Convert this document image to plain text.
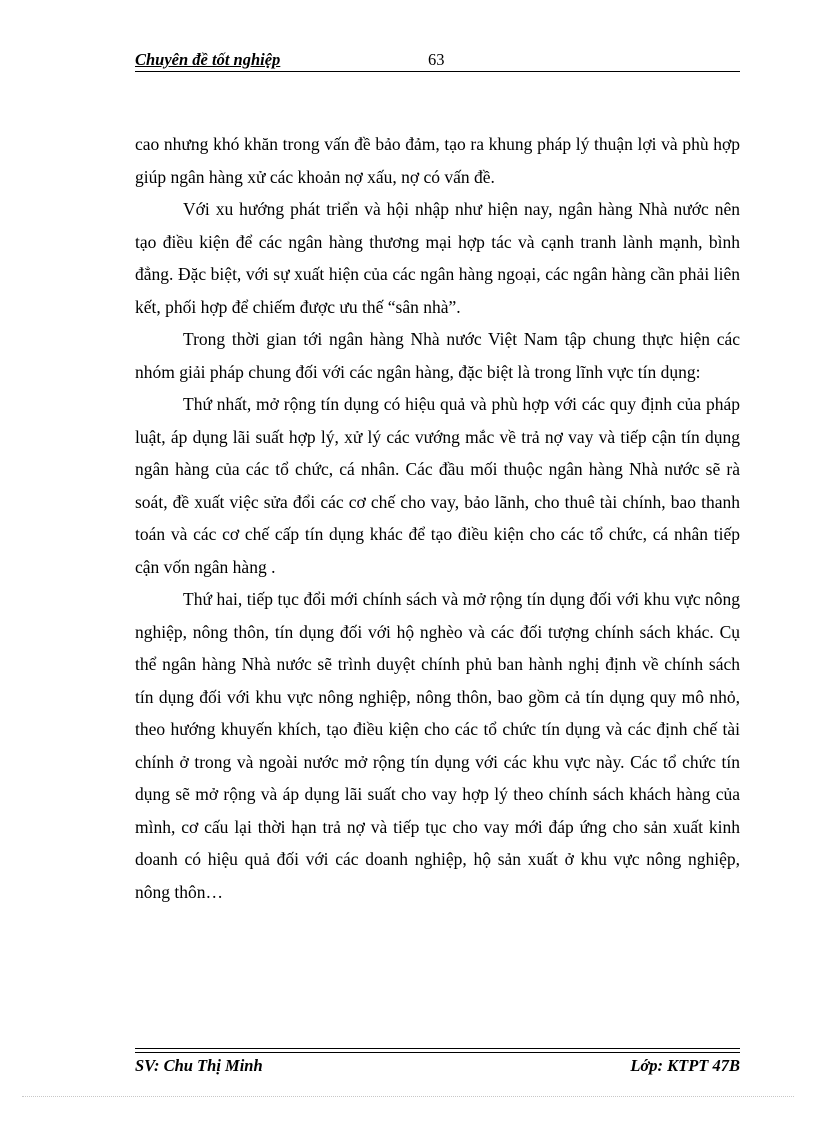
Chuyên đề tốt nghiệp	63

cao nhưng khó khăn trong vấn đề bảo đảm, tạo ra khung pháp lý thuận lợi và phù hợp giúp ngân hàng xử các khoản nợ xấu, nợ có vấn đề.

Với xu hướng phát triển và hội nhập như hiện nay, ngân hàng Nhà nước nên tạo điều kiện để các ngân hàng thương mại hợp tác và cạnh tranh lành mạnh, bình đẳng. Đặc biệt, với sự xuất hiện của các ngân hàng ngoại, các ngân hàng cần phải liên kết, phối hợp để chiếm được ưu thế “sân nhà”.

Trong thời gian tới ngân hàng Nhà nước Việt Nam tập chung thực hiện các nhóm giải pháp chung đối với các ngân hàng, đặc biệt là trong lĩnh vực tín dụng:

Thứ nhất, mở rộng tín dụng có hiệu quả và phù hợp với các quy định của pháp luật, áp dụng lãi suất hợp lý, xử lý các vướng mắc về trả nợ vay và tiếp cận tín dụng ngân hàng của các tổ chức, cá nhân. Các đầu mối thuộc ngân hàng Nhà nước sẽ rà soát, đề xuất việc sửa đổi các cơ chế cho vay, bảo lãnh, cho thuê tài chính, bao thanh toán và các cơ chế cấp tín dụng khác để tạo điều kiện cho các tổ chức, cá nhân tiếp cận vốn ngân hàng .

Thứ hai, tiếp tục đổi mới chính sách và mở rộng tín dụng đối với khu vực nông nghiệp, nông thôn, tín dụng đối với hộ nghèo và các đối tượng chính sách khác. Cụ thể ngân hàng Nhà nước sẽ trình duyệt chính phủ ban hành nghị định về chính sách tín dụng đối với khu vực nông nghiệp, nông thôn, bao gồm cả tín dụng quy mô nhỏ, theo hướng khuyến khích, tạo điều kiện cho các tổ chức tín dụng và các định chế tài chính ở trong và ngoài nước mở rộng tín dụng với các khu vực này. Các tổ chức tín dụng sẽ mở rộng và áp dụng lãi suất cho vay hợp lý theo chính sách khách hàng của mình, cơ cấu lại thời hạn trả nợ và tiếp tục cho vay mới đáp ứng cho sản xuất kinh doanh có hiệu quả đối với các doanh nghiệp, hộ sản xuất ở khu vực nông nghiệp, nông thôn…

SV: Chu Thị Minh	Lớp: KTPT 47B
